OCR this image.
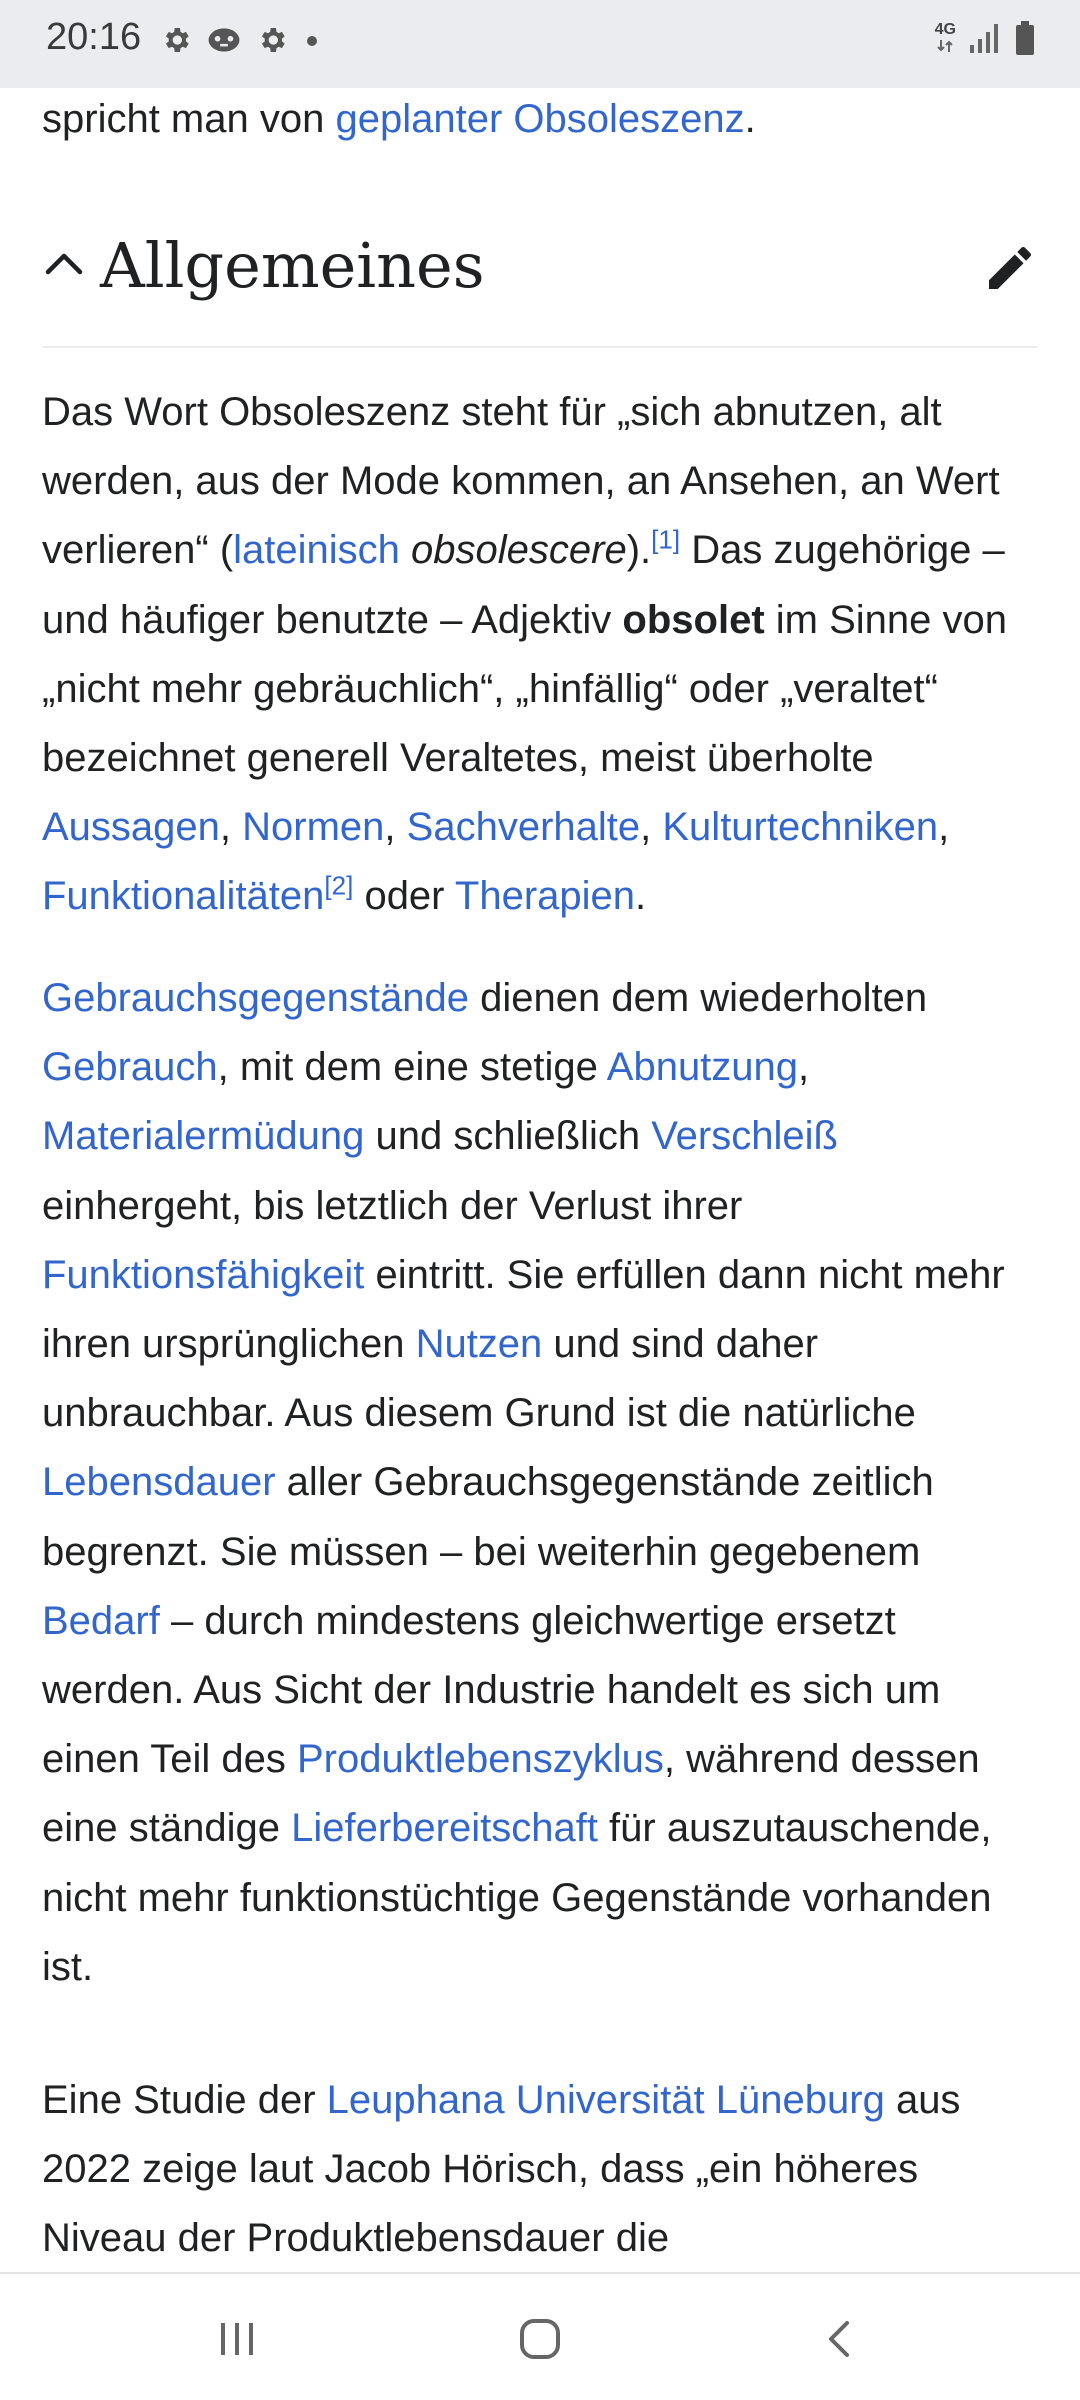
20:16	4G

spricht man von geplanter Obsoleszenz.

Allgemeines

Das Wort Obsoleszenz steht für „sich abnutzen, alt werden, aus der Mode kommen, an Ansehen, an Wert verlieren“ (lateinisch obsolescere).[1] Das zugehörige – und häufiger benutzte – Adjektiv obsolet im Sinne von „nicht mehr gebräuchlich“, „hinfällig“ oder „veraltet“ bezeichnet generell Veraltetes, meist überholte Aussagen, Normen, Sachverhalte, Kulturtechniken, Funktionalitäten[2] oder Therapien.

Gebrauchsgegenstände dienen dem wiederholten Gebrauch, mit dem eine stetige Abnutzung, Materialermüdung und schließlich Verschleiß einhergeht, bis letztlich der Verlust ihrer Funktionsfähigkeit eintritt. Sie erfüllen dann nicht mehr ihren ursprünglichen Nutzen und sind daher unbrauchbar. Aus diesem Grund ist die natürliche Lebensdauer aller Gebrauchsgegenstände zeitlich begrenzt. Sie müssen – bei weiterhin gegebenem Bedarf – durch mindestens gleichwertige ersetzt werden. Aus Sicht der Industrie handelt es sich um einen Teil des Produktlebenszyklus, während dessen eine ständige Lieferbereitschaft für auszutauschende, nicht mehr funktionstüchtige Gegenstände vorhanden ist.

Eine Studie der Leuphana Universität Lüneburg aus 2022 zeige laut Jacob Hörisch, dass „ein höheres Niveau der Produktlebensdauer die
